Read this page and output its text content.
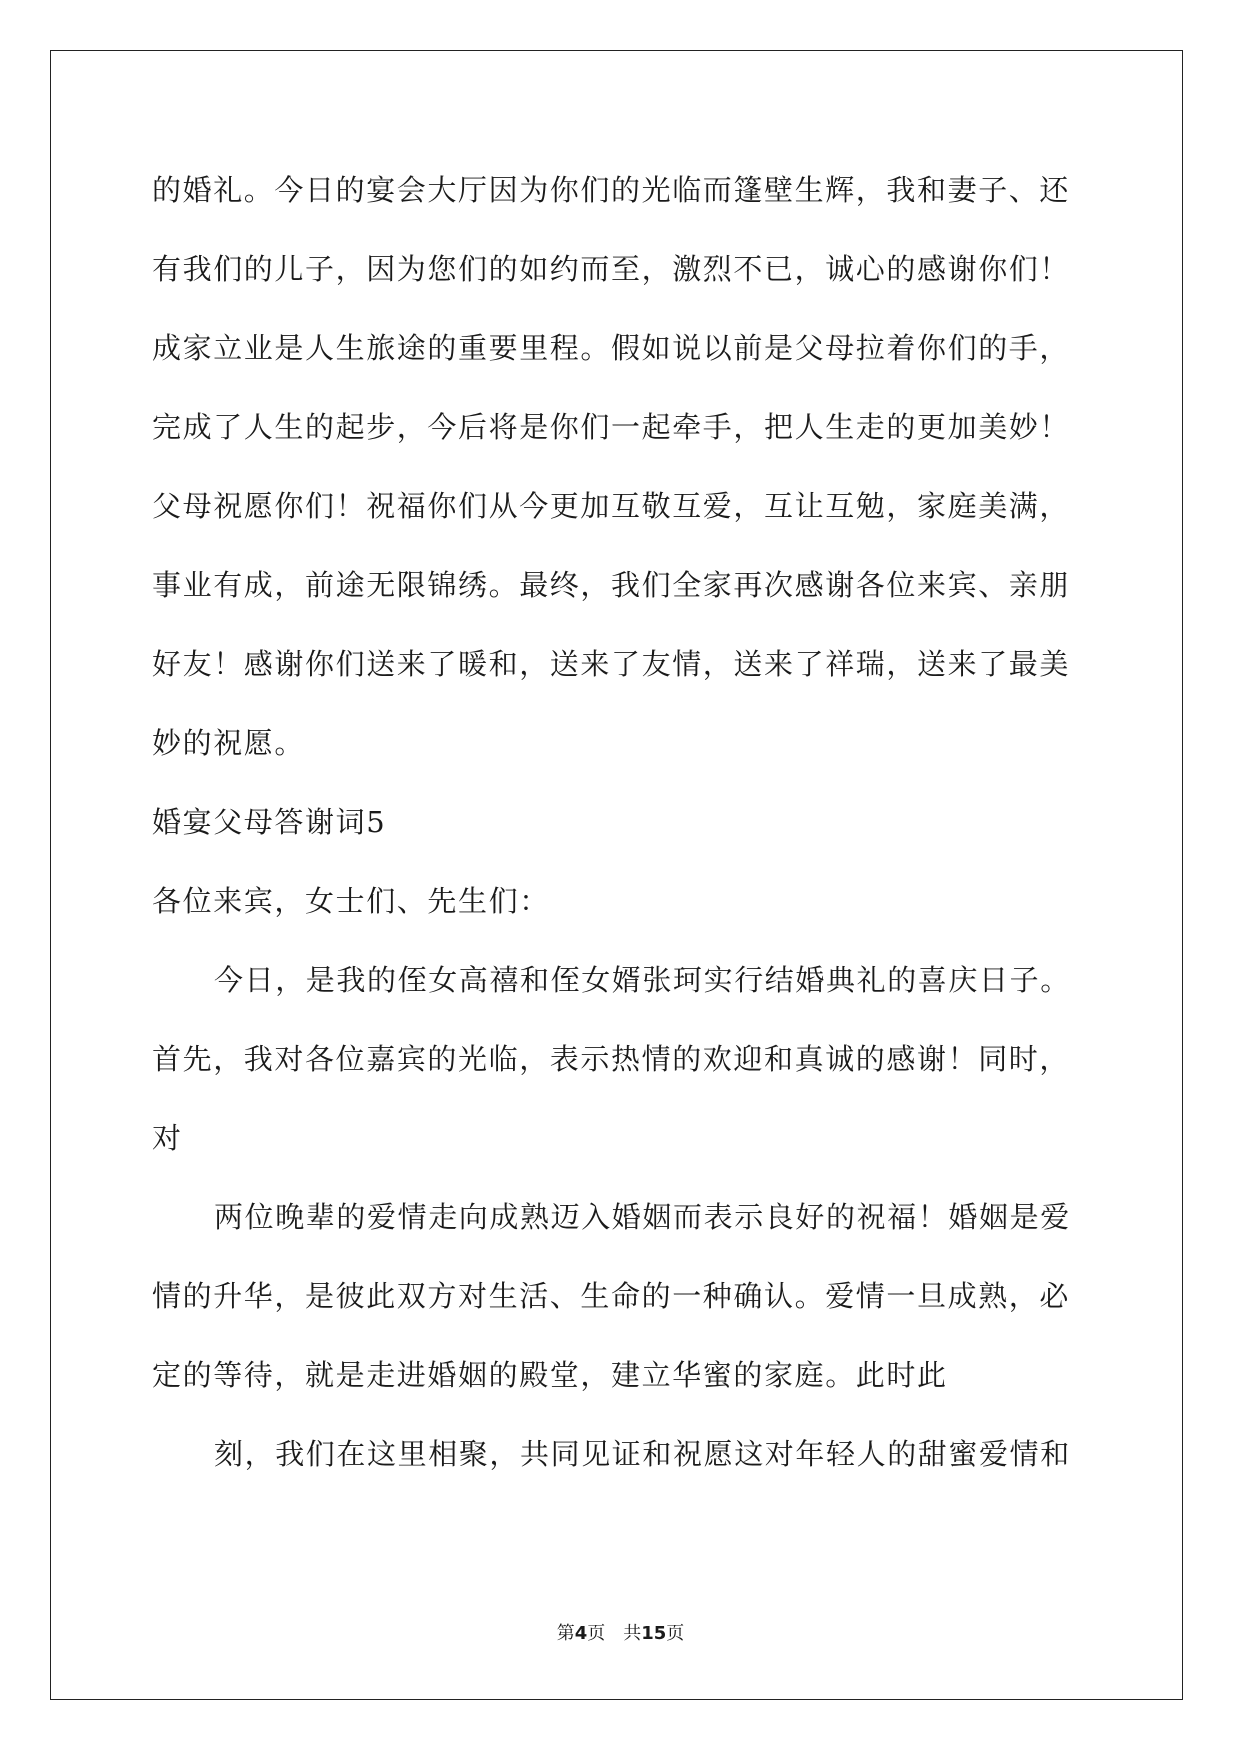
的婚礼。今日的宴会大厅因为你们的光临而篷壁生辉，我和妻子、还
有我们的儿子，因为您们的如约而至，激烈不已，诚心的感谢你们！
成家立业是人生旅途的重要里程。假如说以前是父母拉着你们的手，
完成了人生的起步，今后将是你们一起牵手，把人生走的更加美妙！
父母祝愿你们！祝福你们从今更加互敬互爱，互让互勉，家庭美满，
事业有成，前途无限锦绣。最终，我们全家再次感谢各位来宾、亲朋
好友！感谢你们送来了暖和，送来了友情，送来了祥瑞，送来了最美
妙的祝愿。
婚宴父母答谢词5
各位来宾，女士们、先生们：
今日，是我的侄女高禧和侄女婿张珂实行结婚典礼的喜庆日子。
首先，我对各位嘉宾的光临，表示热情的欢迎和真诚的感谢！同时，
对
两位晚辈的爱情走向成熟迈入婚姻而表示良好的祝福！婚姻是爱
情的升华，是彼此双方对生活、生命的一种确认。爱情一旦成熟，必
定的等待，就是走进婚姻的殿堂，建立华蜜的家庭。此时此
刻，我们在这里相聚，共同见证和祝愿这对年轻人的甜蜜爱情和
第4页 共15页
